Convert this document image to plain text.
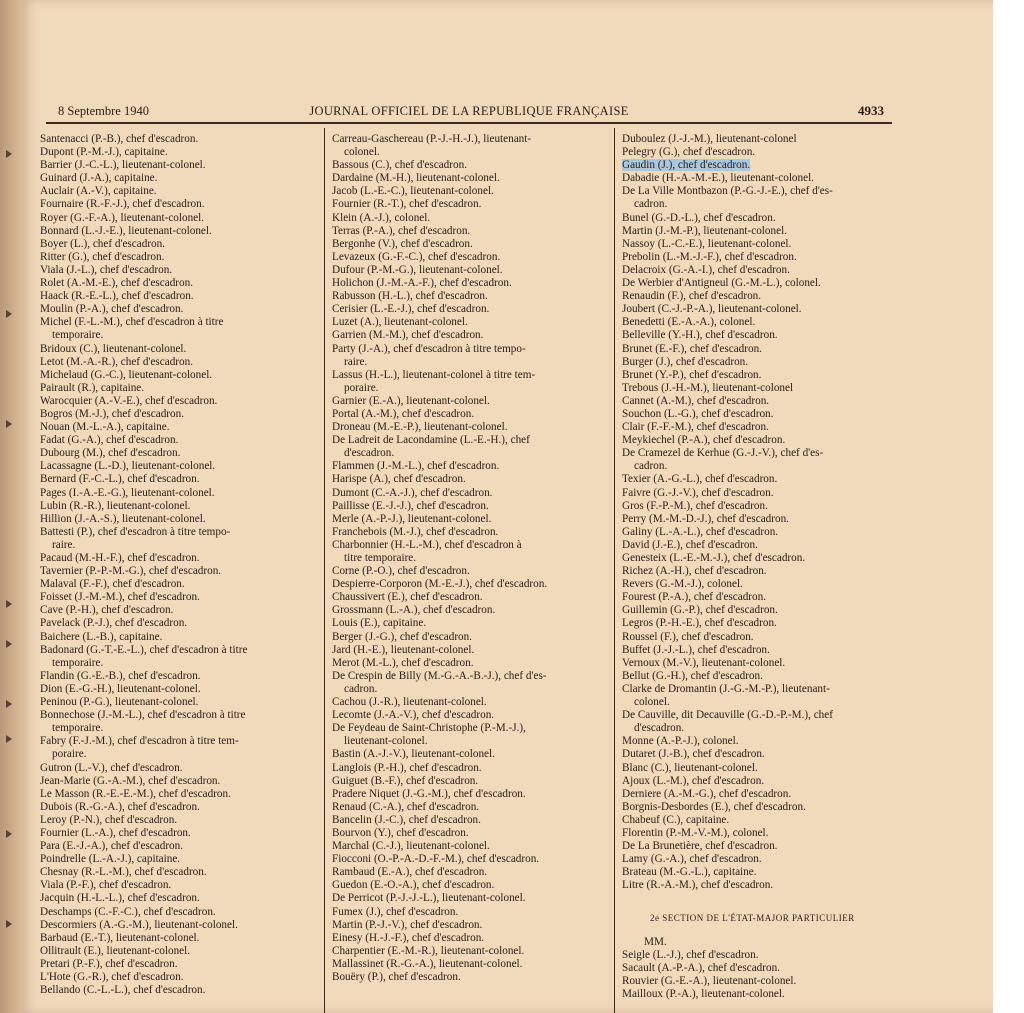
8 Septembre 1940	JOURNAL OFFICIEL DE LA REPUBLIQUE FRANÇAISE	4933
Santenacci (P.-B.), chef d'escadron.
Dupont (P.-M.-J.), capitaine.
Barrier (J.-C.-L.), lieutenant-colonel.
Guinard (J.-A.), capitaine.
Auclair (A.-V.), capitaine.
Fournaire (R.-F.-J.), chef d'escadron.
Royer (G.-F.-A.), lieutenant-colonel.
Bonnard (L.-J.-E.), lieutenant-colonel.
Boyer (L.), chef d'escadron.
Ritter (G.), chef d'escadron.
Viala (J.-L.), chef d'escadron.
Rolet (A.-M.-E.), chef d'escadron.
Haack (R.-E.-L.), chef d'escadron.
Moulin (P.-A.), chef d'escadron.
Michel (F.-L.-M.), chef d'escadron à titre
temporaire.
Bridoux (C.), lieutenant-colonel.
Letot (M.-A.-R.), chef d'escadron.
Michelaud (G.-C.), lieutenant-colonel.
Pairault (R.), capitaine.
Warocquier (A.-V.-E.), chef d'escadron.
Bogros (M.-J.), chef d'escadron.
Nouan (M.-L.-A.), capitaine.
Fadat (G.-A.), chef d'escadron.
Dubourg (M.), chef d'escadron.
Lacassagne (L.-D.), lieutenant-colonel.
Bernard (F.-C.-L.), chef d'escadron.
Pages (I.-A.-E.-G.), lieutenant-colonel.
Lubin (R.-R.), lieutenant-colonel.
Hillion (J.-A.-S.), lieutenant-colonel.
Battesti (P.), chef d'escadron à titre tempo-
raire.
Pacaud (M.-H.-F.), chef d'escadron.
Tavernier (P.-P.-M.-G.), chef d'escadron.
Malaval (F.-F.), chef d'escadron.
Foisset (J.-M.-M.), chef d'escadron.
Cave (P.-H.), chef d'escadron.
Pavelack (P.-J.), chef d'escadron.
Baichere (L.-B.), capitaine.
Badonard (G.-T.-E.-L.), chef d'escadron à titre
temporaire.
Flandin (G.-E.-B.), chef d'escadron.
Dion (E.-G.-H.), lieutenant-colonel.
Peninou (P.-G.), lieutenant-colonel.
Bonnechose (J.-M.-L.), chef d'escadron à titre
temporaire.
Fabry (F.-J.-M.), chef d'escadron à titre tem-
poraire.
Gutron (L.-V.), chef d'escadron.
Jean-Marie (G.-A.-M.), chef d'escadron.
Le Masson (R.-E.-E.-M.), chef d'escadron.
Dubois (R.-G.-A.), chef d'escadron.
Leroy (P.-N.), chef d'escadron.
Fournier (L.-A.), chef d'escadron.
Para (E.-J.-A.), chef d'escadron.
Poindrelle (L.-A.-J.), capitaine.
Chesnay (R.-L.-M.), chef d'escadron.
Viala (P.-F.), chef d'escadron.
Jacquin (H.-L.-L.), chef d'escadron.
Deschamps (C.-F.-C.), chef d'escadron.
Descormiers (A.-G.-M.), lieutenant-colonel.
Barbaud (E.-T.), lieutenant-colonel.
Ollitrault (E.), lieutenant-colonel.
Pretari (P.-F.), chef d'escadron.
L'Hote (G.-R.), chef d'escadron.
Bellando (C.-L.-L.), chef d'escadron.
Carreau-Gaschereau (P.-J.-H.-J.), lieutenant-
colonel.
Bassous (C.), chef d'escadron.
Dardaine (M.-H.), lieutenant-colonel.
Jacob (L.-E.-C.), lieutenant-colonel.
Fournier (R.-T.), chef d'escadron.
Klein (A.-J.), colonel.
Terras (P.-A.), chef d'escadron.
Bergonhe (V.), chef d'escadron.
Levazeux (G.-F.-C.), chef d'escadron.
Dufour (P.-M.-G.), lieutenant-colonel.
Holichon (J.-M.-A.-F.), chef d'escadron.
Rabusson (H.-L.), chef d'escadron.
Cerisier (L.-E.-J.), chef d'escadron.
Luzet (A.), lieutenant-colonel.
Garrien (M.-M.), chef d'escadron.
Party (J.-A.), chef d'escadron à titre tempo-
raire.
Lassus (H.-L.), lieutenant-colonel à titre tem-
poraire.
Garnier (E.-A.), lieutenant-colonel.
Portal (A.-M.), chef d'escadron.
Droneau (M.-E.-P.), lieutenant-colonel.
De Ladreit de Lacondamine (L.-E.-H.), chef
d'escadron.
Flammen (J.-M.-L.), chef d'escadron.
Harispe (A.), chef d'escadron.
Dumont (C.-A.-J.), chef d'escadron.
Paillisse (E.-J.-J.), chef d'escadron.
Merle (A.-P.-J.), lieutenant-colonel.
Franchebois (M.-J.), chef d'escadron.
Charbonnier (H.-L.-M.), chef d'escadron à
titre temporaire.
Corne (P.-O.), chef d'escadron.
Despierre-Corporon (M.-E.-J.), chef d'escadron.
Chaussivert (E.), chef d'escadron.
Grossmann (L.-A.), chef d'escadron.
Louis (E.), capitaine.
Berger (J.-G.), chef d'escadron.
Jard (H.-E.), lieutenant-colonel.
Merot (M.-L.), chef d'escadron.
De Crespin de Billy (M.-G.-A.-B.-J.), chef d'es-
cadron.
Cachou (J.-R.), lieutenant-colonel.
Lecomte (J.-A.-V.), chef d'escadron.
De Feydeau de Saint-Christophe (P.-M.-J.),
lieutenant-colonel.
Bastin (A.-J.-V.), lieutenant-colonel.
Langlois (P.-H.), chef d'escadron.
Guiguet (B.-F.), chef d'escadron.
Pradere Niquet (J.-G.-M.), chef d'escadron.
Renaud (C.-A.), chef d'escadron.
Bancelin (J.-C.), chef d'escadron.
Bourvon (Y.), chef d'escadron.
Marchal (C.-J.), lieutenant-colonel.
Fiocconi (O.-P.-A.-D.-F.-M.), chef d'escadron.
Rambaud (E.-A.), chef d'escadron.
Guedon (E.-O.-A.), chef d'escadron.
De Perricot (P.-J.-J.-L.), lieutenant-colonel.
Fumex (J.), chef d'escadron.
Martin (P.-J.-V.), chef d'escadron.
Einesy (H.-J.-F.), chef d'escadron.
Charpentier (E.-M.-R.), lieutenant-colonel.
Mallassinet (R.-G.-A.), lieutenant-colonel.
Bouëry (P.), chef d'escadron.
Duboulez (J.-J.-M.), lieutenant-colonel
Pelegry (G.), chef d'escadron.
Gaudin (J.), chef d'escadron.
Dabadie (H.-A.-M.-E.), lieutenant-colonel.
De La Ville Montbazon (P.-G.-J.-E.), chef d'es-
cadron.
Bunel (G.-D.-L.), chef d'escadron.
Martin (J.-M.-P.), lieutenant-colonel.
Nassoy (L.-C.-E.), lieutenant-colonel.
Prebolin (L.-M.-J.-F.), chef d'escadron.
Delacroix (G.-A.-I.), chef d'escadron.
De Werbier d'Antigneul (G.-M.-L.), colonel.
Renaudin (F.), chef d'escadron.
Joubert (C.-J.-P.-A.), lieutenant-colonel.
Benedetti (E.-A.-A.), colonel.
Belleville (Y.-H.), chef d'escadron.
Brunet (E.-F.), chef d'escadron.
Burger (J.), chef d'escadron.
Brunet (Y.-P.), chef d'escadron.
Trebous (J.-H.-M.), lieutenant-colonel
Cannet (A.-M.), chef d'escadron.
Souchon (L.-G.), chef d'escadron.
Clair (F.-F.-M.), chef d'escadron.
Meykiechel (P.-A.), chef d'escadron.
De Cramezel de Kerhue (G.-J.-V.), chef d'es-
cadron.
Texier (A.-G.-L.), chef d'escadron.
Faivre (G.-J.-V.), chef d'escadron.
Gros (F.-P.-M.), chef d'escadron.
Perry (M.-M.-D.-J.), chef d'escadron.
Galiny (L.-A.-L.), chef d'escadron.
David (J.-E.), chef d'escadron.
Genesteix (L.-E.-M.-J.), chef d'escadron.
Richez (A.-H.), chef d'escadron.
Revers (G.-M.-J.), colonel.
Fourest (P.-A.), chef d'escadron.
Guillemin (G.-P.), chef d'escadron.
Legros (P.-H.-E.), chef d'escadron.
Roussel (F.), chef d'escadron.
Buffet (J.-J.-L.), chef d'escadron.
Vernoux (M.-V.), lieutenant-colonel.
Bellut (G.-H.), chef d'escadron.
Clarke de Dromantin (J.-G.-M.-P.), lieutenant-
colonel.
De Cauville, dit Decauville (G.-D.-P.-M.), chef
d'escadron.
Monne (A.-P.-J.), colonel.
Dutaret (J.-B.), chef d'escadron.
Blanc (C.), lieutenant-colonel.
Ajoux (L.-M.), chef d'escadron.
Derniere (A.-M.-G.), chef d'escadron.
Borgnis-Desbordes (E.), chef d'escadron.
Chabeuf (C.), capitaine.
Florentin (P.-M.-V.-M.), colonel.
De La Brunetière, chef d'escadron.
Lamy (G.-A.), chef d'escadron.
Brateau (M.-G.-L.), capitaine.
Litre (R.-A.-M.), chef d'escadron.
2e SECTION DE L'ÉTAT-MAJOR PARTICULIER
MM.
Seigle (L.-J.), chef d'escadron.
Sacault (A.-P.-A.), chef d'escadron.
Rouvier (G.-E.-A.), lieutenant-colonel.
Mailloux (P.-A.), lieutenant-colonel.
